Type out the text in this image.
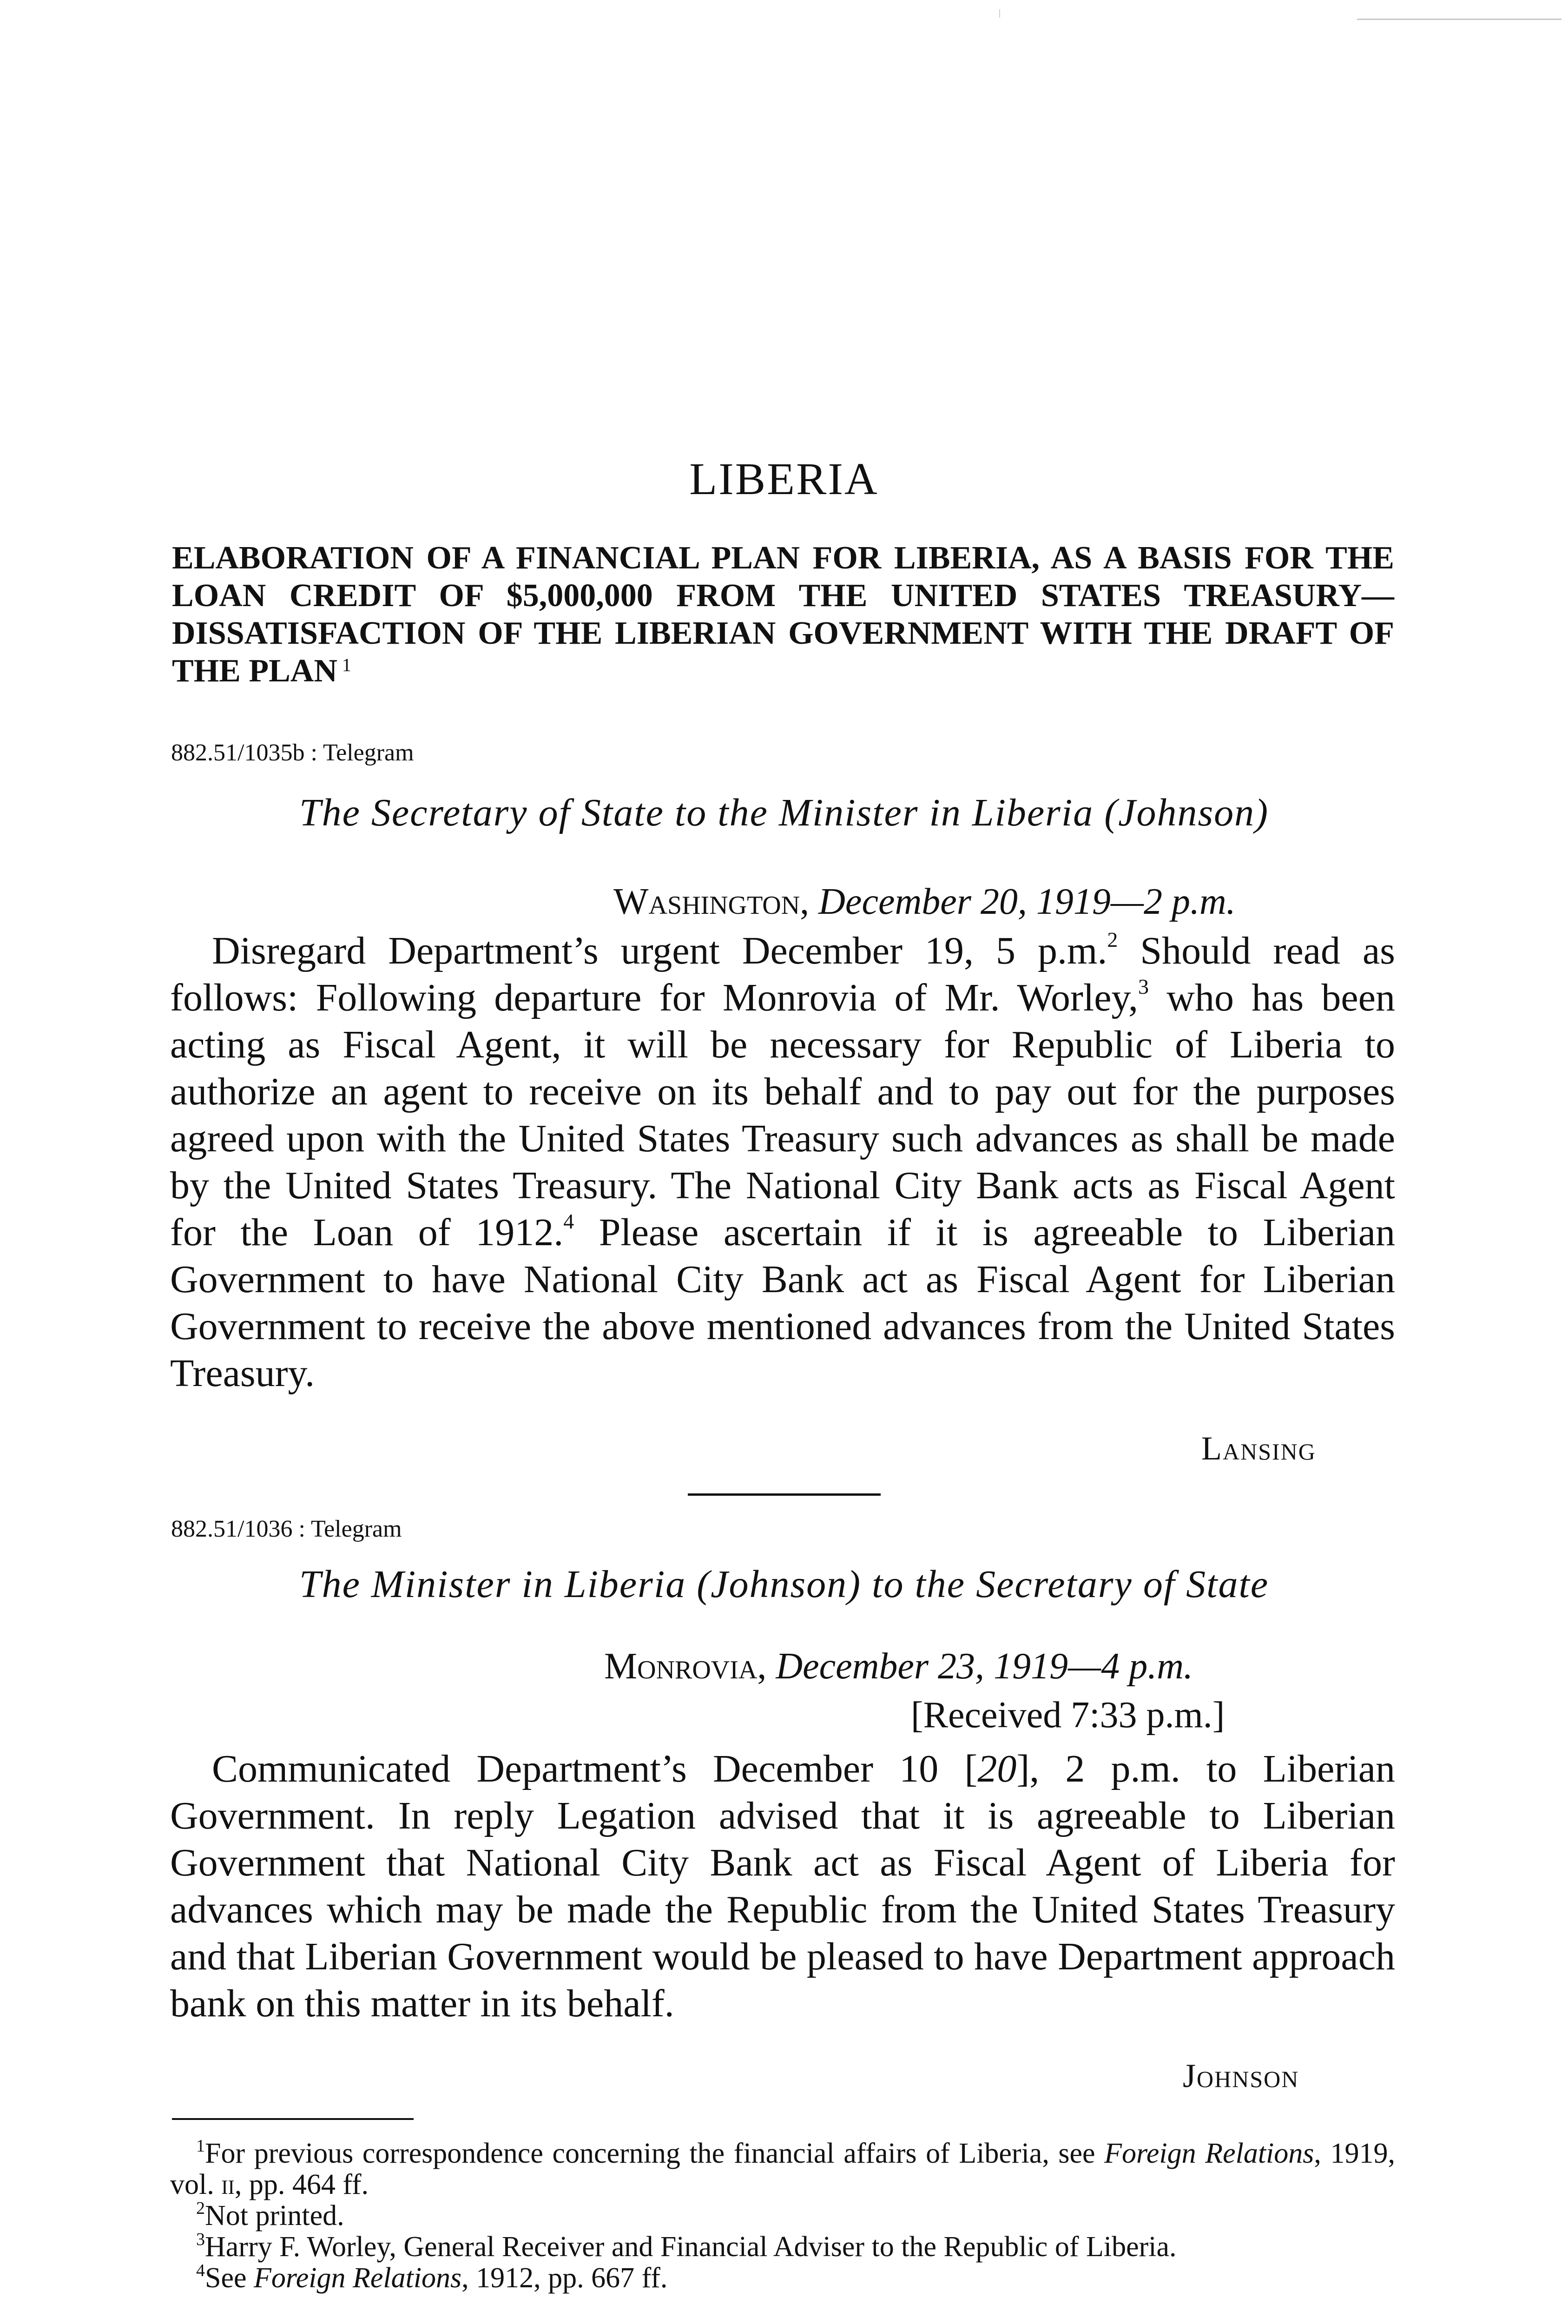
LIBERIA
ELABORATION OF A FINANCIAL PLAN FOR LIBERIA, AS A BASIS FOR THE LOAN CREDIT OF $5,000,000 FROM THE UNITED STATES TREASURY—DISSATISFACTION OF THE LIBERIAN GOVERNMENT WITH THE DRAFT OF THE PLAN $^1$
882.51/1035b : Telegram
The Secretary of State to the Minister in Liberia (Johnson)
Washington, December 20, 1919—2 p.m.

Disregard Department’s urgent December 19, 5 p.m.$^2$ Should read as follows: Following departure for Monrovia of Mr. Worley,$^3$ who has been acting as Fiscal Agent, it will be necessary for Republic of Liberia to authorize an agent to receive on its behalf and to pay out for the purposes agreed upon with the United States Treasury such advances as shall be made by the United States Treasury. The National City Bank acts as Fiscal Agent for the Loan of 1912.$^4$ Please ascertain if it is agreeable to Liberian Government to have National City Bank act as Fiscal Agent for Liberian Government to receive the above mentioned advances from the United States Treasury.

Lansing
882.51/1036 : Telegram
The Minister in Liberia (Johnson) to the Secretary of State
Monrovia, December 23, 1919—4 p.m.
[Received 7:33 p.m.]

Communicated Department’s December 10 [20], 2 p.m. to Liberian Government. In reply Legation advised that it is agreeable to Liberian Government that National City Bank act as Fiscal Agent of Liberia for advances which may be made the Republic from the United States Treasury and that Liberian Government would be pleased to have Department approach bank on this matter in its behalf.

Johnson

$^1$For previous correspondence concerning the financial affairs of Liberia, see Foreign Relations, 1919, vol. ii, pp. 464 ff.

$^2$Not printed.

$^3$Harry F. Worley, General Receiver and Financial Adviser to the Republic of Liberia.

$^4$See Foreign Relations, 1912, pp. 667 ff.
